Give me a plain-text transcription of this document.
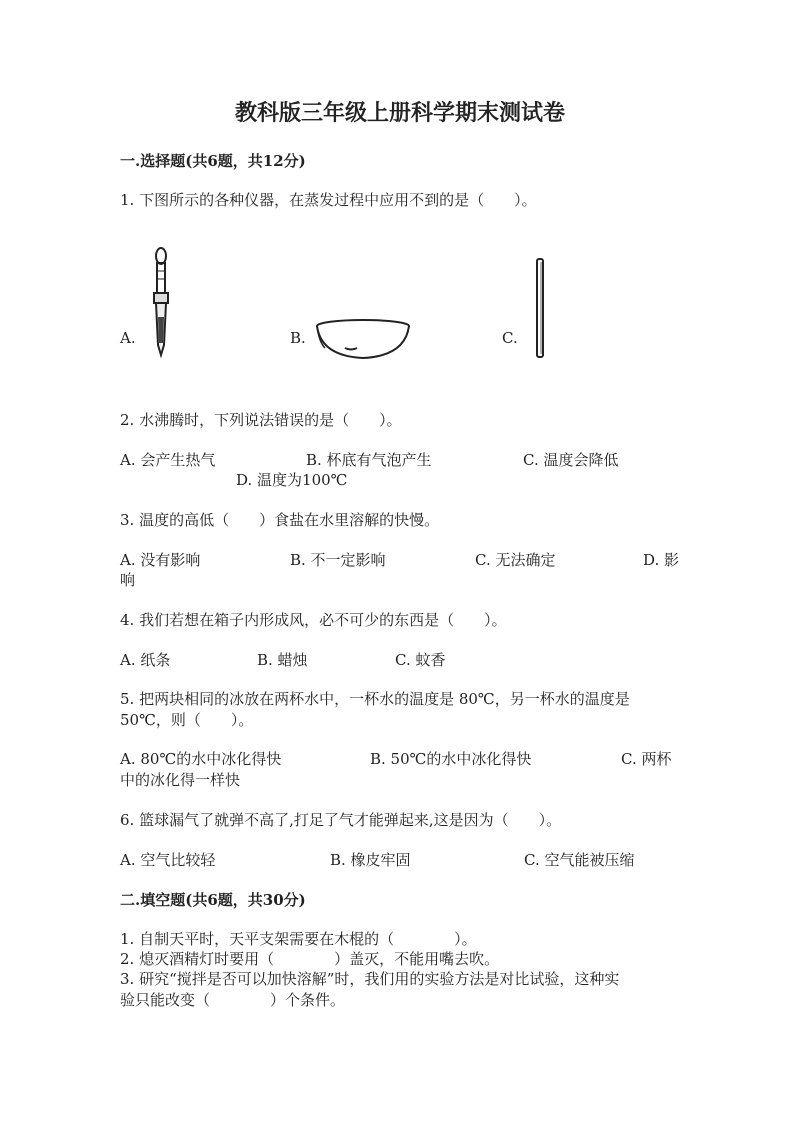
教科版三年级上册科学期末测试卷
一.选择题(共6题，共12分)
1. 下图所示的各种仪器，在蒸发过程中应用不到的是（　　）。
A.	B.	C.
2. 水沸腾时，下列说法错误的是（　　）。
A. 会产生热气	B. 杯底有气泡产生	C. 温度会降低
D. 温度为100℃
3. 温度的高低（　　）食盐在水里溶解的快慢。
A. 没有影响	B. 不一定影响	C. 无法确定	D. 影
响
4. 我们若想在箱子内形成风，必不可少的东西是（　　）。
A. 纸条	B. 蜡烛	C. 蚊香
5. 把两块相同的冰放在两杯水中，一杯水的温度是 80℃，另一杯水的温度是
50℃，则（　　）。
A. 80℃的水中冰化得快	B. 50℃的水中冰化得快	C. 两杯
中的冰化得一样快
6. 篮球漏气了就弹不高了,打足了气才能弹起来,这是因为（　　）。
A. 空气比较轻	B. 橡皮牢固	C. 空气能被压缩
二.填空题(共6题，共30分)
1. 自制天平时，天平支架需要在木棍的（　　　　）。
2. 熄灭酒精灯时要用（　　　　）盖灭，不能用嘴去吹。
3. 研究“搅拌是否可以加快溶解”时，我们用的实验方法是对比试验，这种实
验只能改变（　　　　）个条件。
